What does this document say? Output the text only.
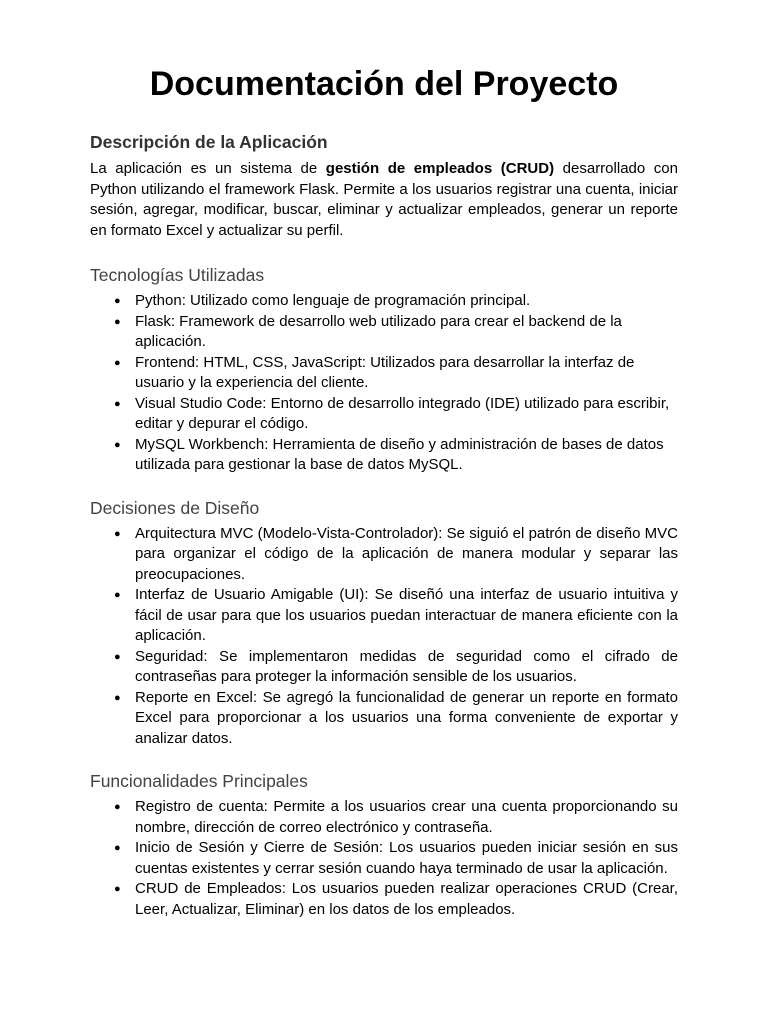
Documentación del Proyecto
Descripción de la Aplicación

La aplicación es un sistema de gestión de empleados (CRUD) desarrollado con Python utilizando el framework Flask. Permite a los usuarios registrar una cuenta, iniciar sesión, agregar, modificar, buscar, eliminar y actualizar empleados, generar un reporte en formato Excel y actualizar su perfil.

Tecnologías Utilizadas
● Python: Utilizado como lenguaje de programación principal.
● Flask: Framework de desarrollo web utilizado para crear el backend de la aplicación.
● Frontend: HTML, CSS, JavaScript: Utilizados para desarrollar la interfaz de usuario y la experiencia del cliente.
● Visual Studio Code: Entorno de desarrollo integrado (IDE) utilizado para escribir, editar y depurar el código.
● MySQL Workbench: Herramienta de diseño y administración de bases de datos utilizada para gestionar la base de datos MySQL.
Decisiones de Diseño
● Arquitectura MVC (Modelo-Vista-Controlador): Se siguió el patrón de diseño MVC para organizar el código de la aplicación de manera modular y separar las preocupaciones.
● Interfaz de Usuario Amigable (UI): Se diseñó una interfaz de usuario intuitiva y fácil de usar para que los usuarios puedan interactuar de manera eficiente con la aplicación.
● Seguridad: Se implementaron medidas de seguridad como el cifrado de contraseñas para proteger la información sensible de los usuarios.
● Reporte en Excel: Se agregó la funcionalidad de generar un reporte en formato Excel para proporcionar a los usuarios una forma conveniente de exportar y analizar datos.
Funcionalidades Principales
● Registro de cuenta: Permite a los usuarios crear una cuenta proporcionando su nombre, dirección de correo electrónico y contraseña.
● Inicio de Sesión y Cierre de Sesión: Los usuarios pueden iniciar sesión en sus cuentas existentes y cerrar sesión cuando haya terminado de usar la aplicación.
● CRUD de Empleados: Los usuarios pueden realizar operaciones CRUD (Crear, Leer, Actualizar, Eliminar) en los datos de los empleados.
